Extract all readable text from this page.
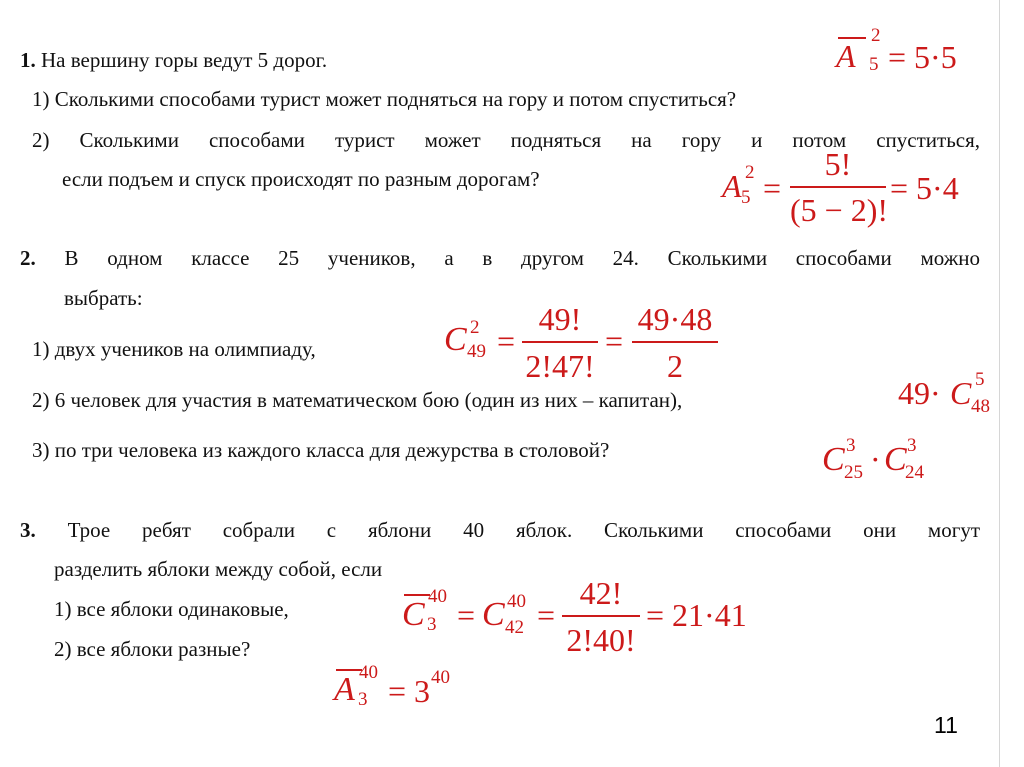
1. На вершину горы ведут 5 дорог.
1) Сколькими способами турист может подняться на гору и потом спуститься?
2) Сколькими способами турист может подняться на гору и потом спуститься,
если подъем и спуск происходят по разным дорогам?
A
2
5 = 5·5
A 2
5 =
5!
(5 − 2)!
= 5·4
2. В одном классе 25 учеников, а в другом 24. Сколькими способами можно
выбрать:
1) двух учеников на олимпиаду,
2) 6 человек для участия в математическом бою (один из них – капитан),
3) по три человека из каждого класса для дежурства в столовой?
C 2
49 =
49!
2!47!
=
49·48
2
49· C 5
48
C 3
25 · C 3
24
3. Трое ребят собрали с яблони 40 яблок. Сколькими способами они могут
разделить яблоки между собой, если
1) все яблоки одинаковые,
2) все яблоки разные?
C 40
3 = C 40
42 =
42!
2!40!
= 21·41
A 40
3 = 3 40
11
